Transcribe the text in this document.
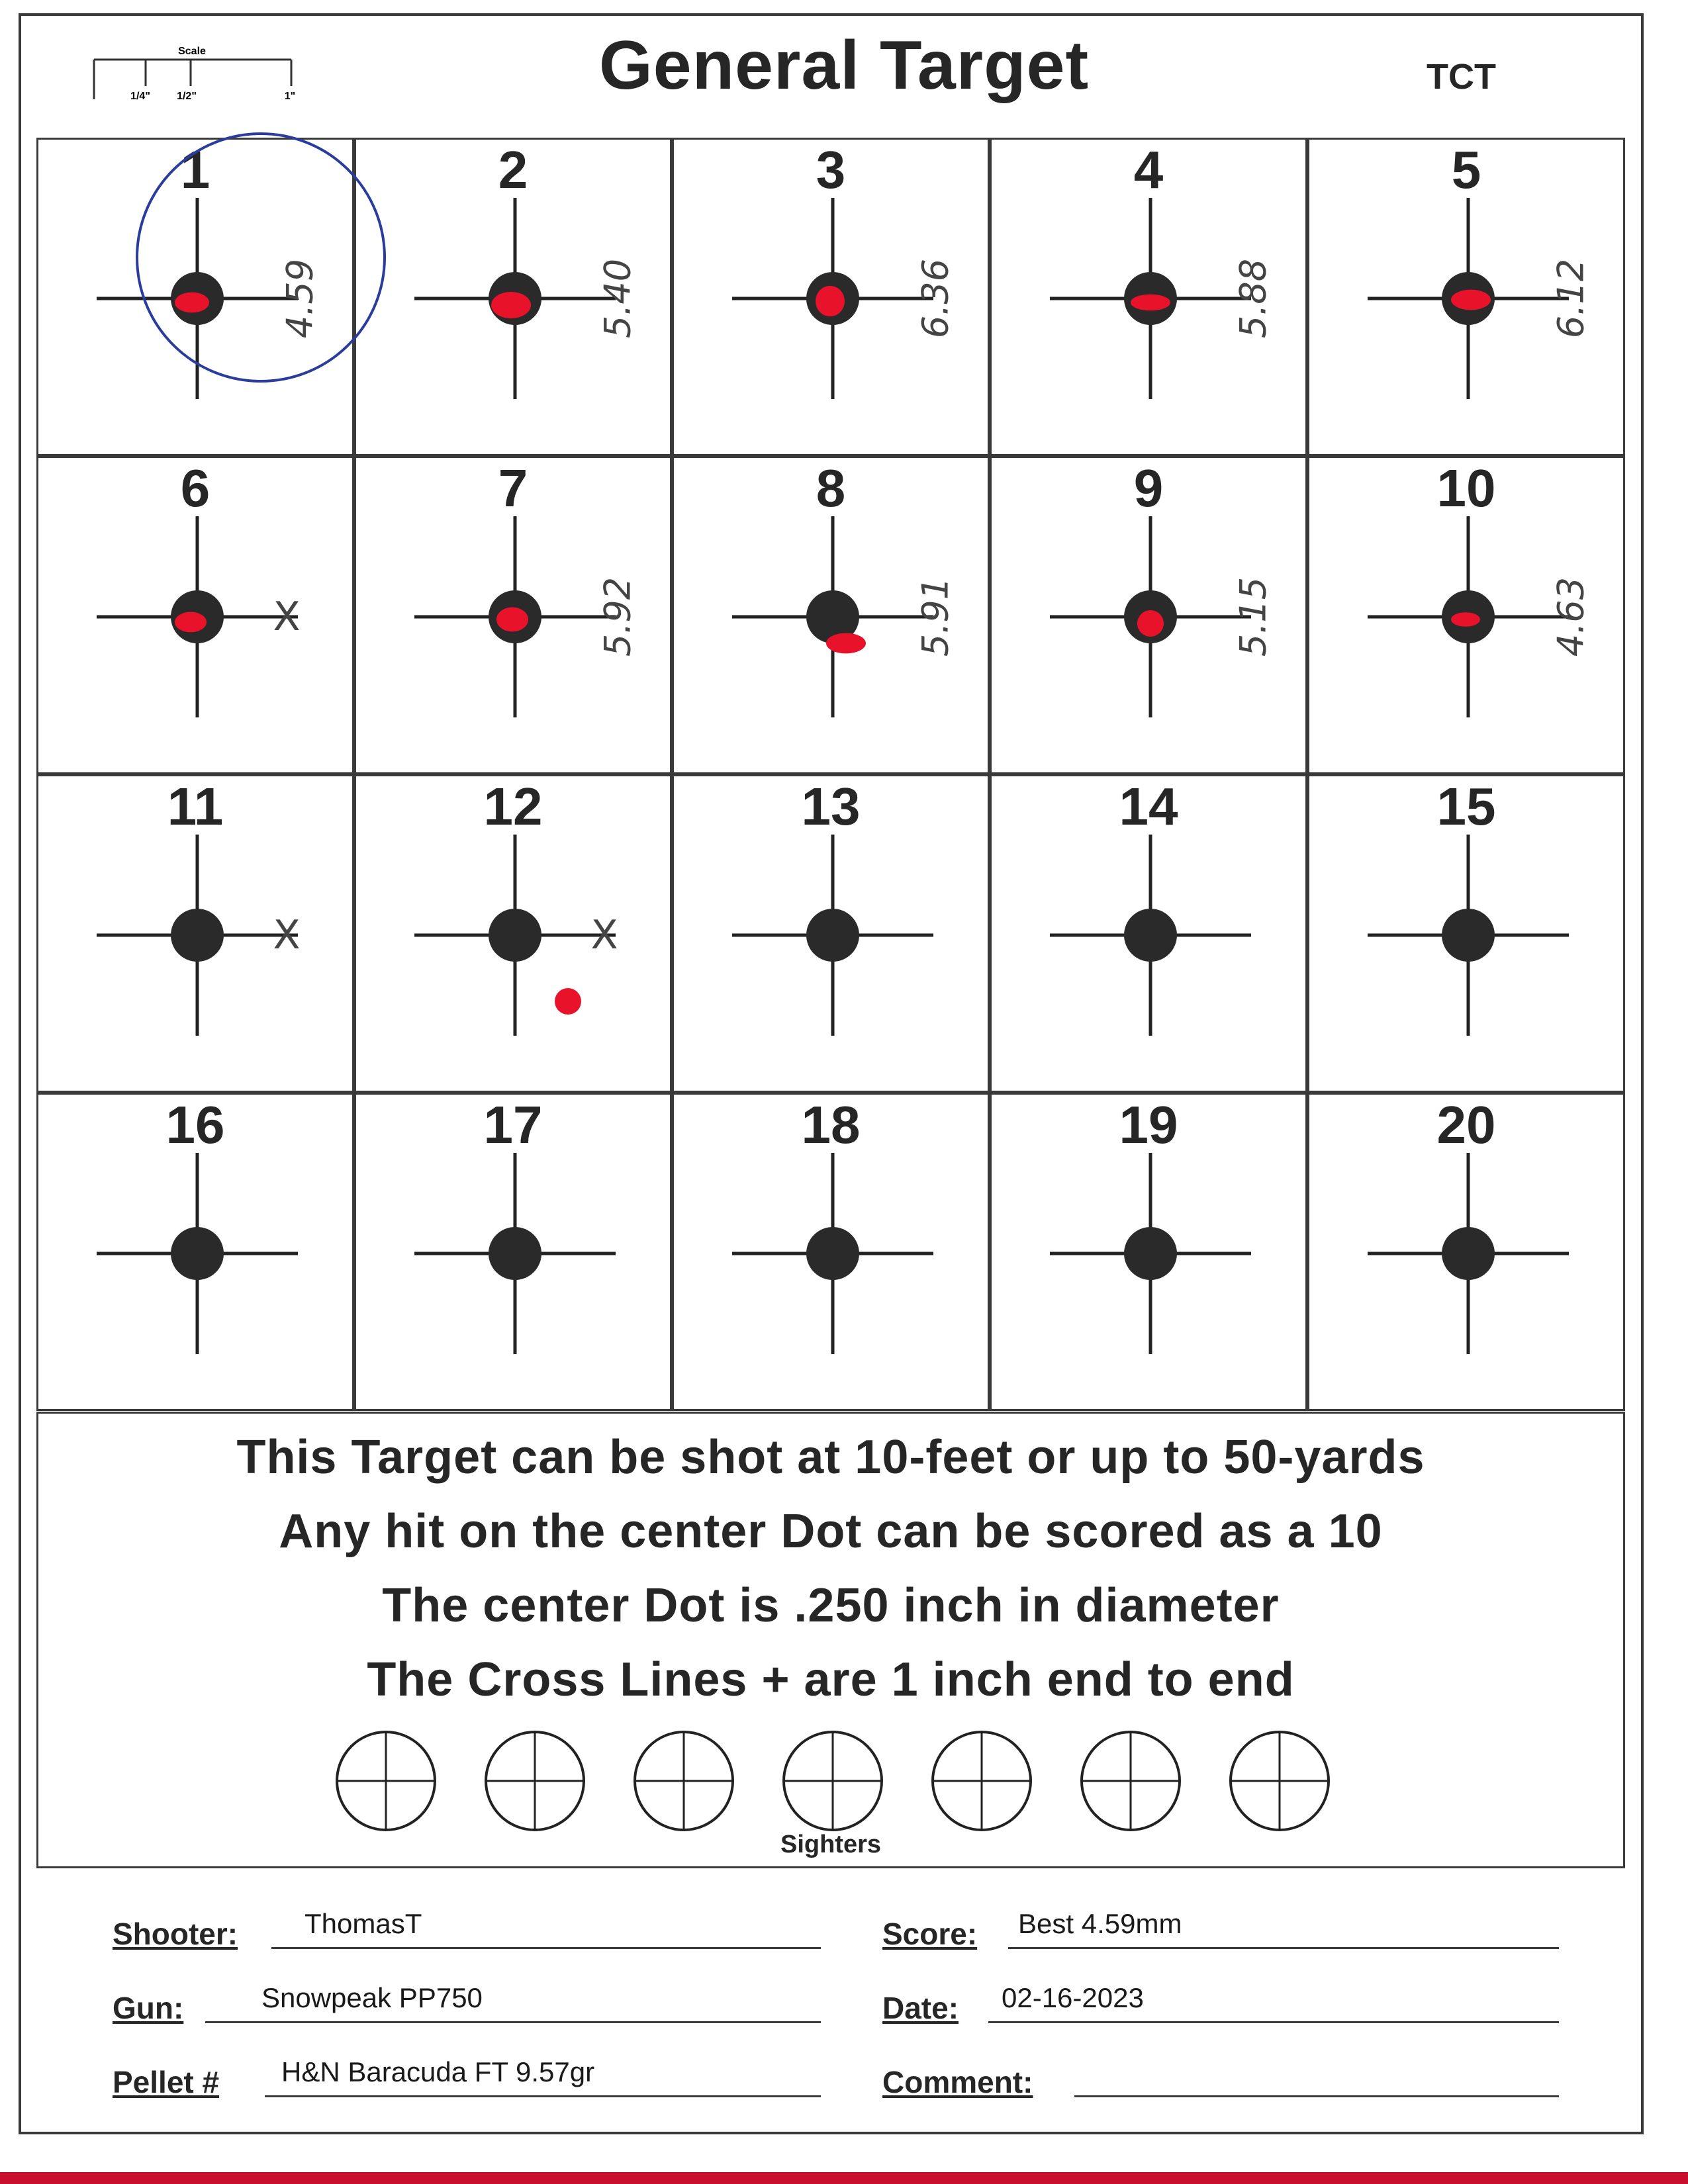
Scale
1/4"	1/2"	1"	General Target	TCT
1
4.59
2
5.40
3
6.36
4
5.88
5
6.12
6
X
7
5.92
8
5.91
9
5.15
10
4.63
11
X
12
X
13	14	15
16	17	18	19	20
This Target can be shot at 10-feet or up to 50-yards
Any hit on the center Dot can be scored as a 10
The center Dot is .250 inch in diameter
The Cross Lines + are 1 inch end to end
Sighters
Shooter: ThomasT
Gun:	Snowpeak PP750
Pellet # H&N Baracuda FT 9.57gr
Score: Best 4.59mm
Date: 02-16-2023
Comment:
